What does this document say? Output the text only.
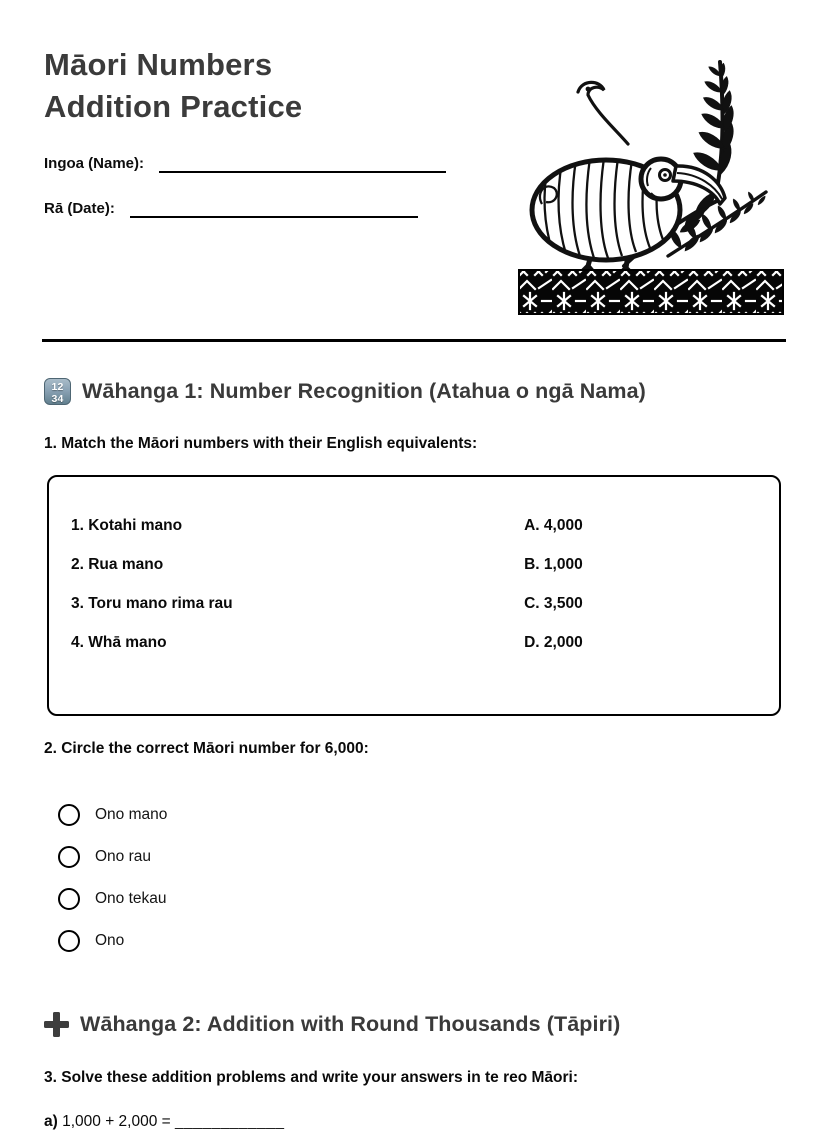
Māori Numbers Addition Practice
Ingoa (Name):
Rā (Date):
12
34 Wāhanga 1: Number Recognition (Atahua o ngā Nama)
1. Match the Māori numbers with their English equivalents:
1. Kotahi mano	A. 4,000
2. Rua mano	B. 1,000
3. Toru mano rima rau	C. 3,500
4. Whā mano	D. 2,000
2. Circle the correct Māori number for 6,000:
Ono mano
Ono rau
Ono tekau
Ono
Wāhanga 2: Addition with Round Thousands (Tāpiri)
3. Solve these addition problems and write your answers in te reo Māori:
a) 1,000 + 2,000 = ____________
